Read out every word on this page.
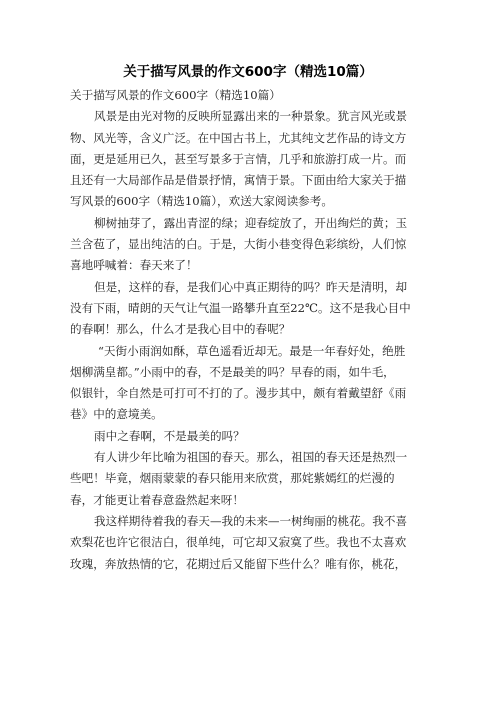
关于描写风景的作文600字（精选10篇）
关于描写风景的作文600字（精选10篇）
风景是由光对物的反映所显露出来的一种景象。犹言风光或景
物、风光等，含义广泛。在中国古书上，尤其纯文艺作品的诗文方
面，更是延用已久，甚至写景多于言情，几乎和旅游打成一片。而
且还有一大局部作品是借景抒情，寓情于景。下面由给大家关于描
写风景的600字（精选10篇），欢送大家阅读参考。
柳树抽芽了，露出青涩的绿；迎春绽放了，开出绚烂的黄；玉
兰含苞了，显出纯洁的白。于是，大街小巷变得色彩缤纷，人们惊
喜地呼喊着：春天来了！
但是，这样的春，是我们心中真正期待的吗？昨天是清明，却
没有下雨，晴朗的天气让气温一路攀升直至22℃。这不是我心目中
的春啊！那么，什么才是我心目中的春呢？
“天街小雨润如酥，草色遥看近却无。最是一年春好处，绝胜
烟柳满皇都。”小雨中的春，不是最美的吗？早春的雨，如牛毛，
似银针，伞自然是可打可不打的了。漫步其中，颇有着戴望舒《雨
巷》中的意境美。
雨中之春啊，不是最美的吗？
有人讲少年比喻为祖国的春天。那么，祖国的春天还是热烈一
些吧！毕竟，烟雨蒙蒙的春只能用来欣赏，那姹紫嫣红的烂漫的
春，才能更让着春意盎然起来呀！
我这样期待着我的春天—我的未来—一树绚丽的桃花。我不喜
欢梨花也许它很洁白，很单纯，可它却又寂寞了些。我也不太喜欢
玫瑰，奔放热情的它，花期过后又能留下些什么？唯有你，桃花，
